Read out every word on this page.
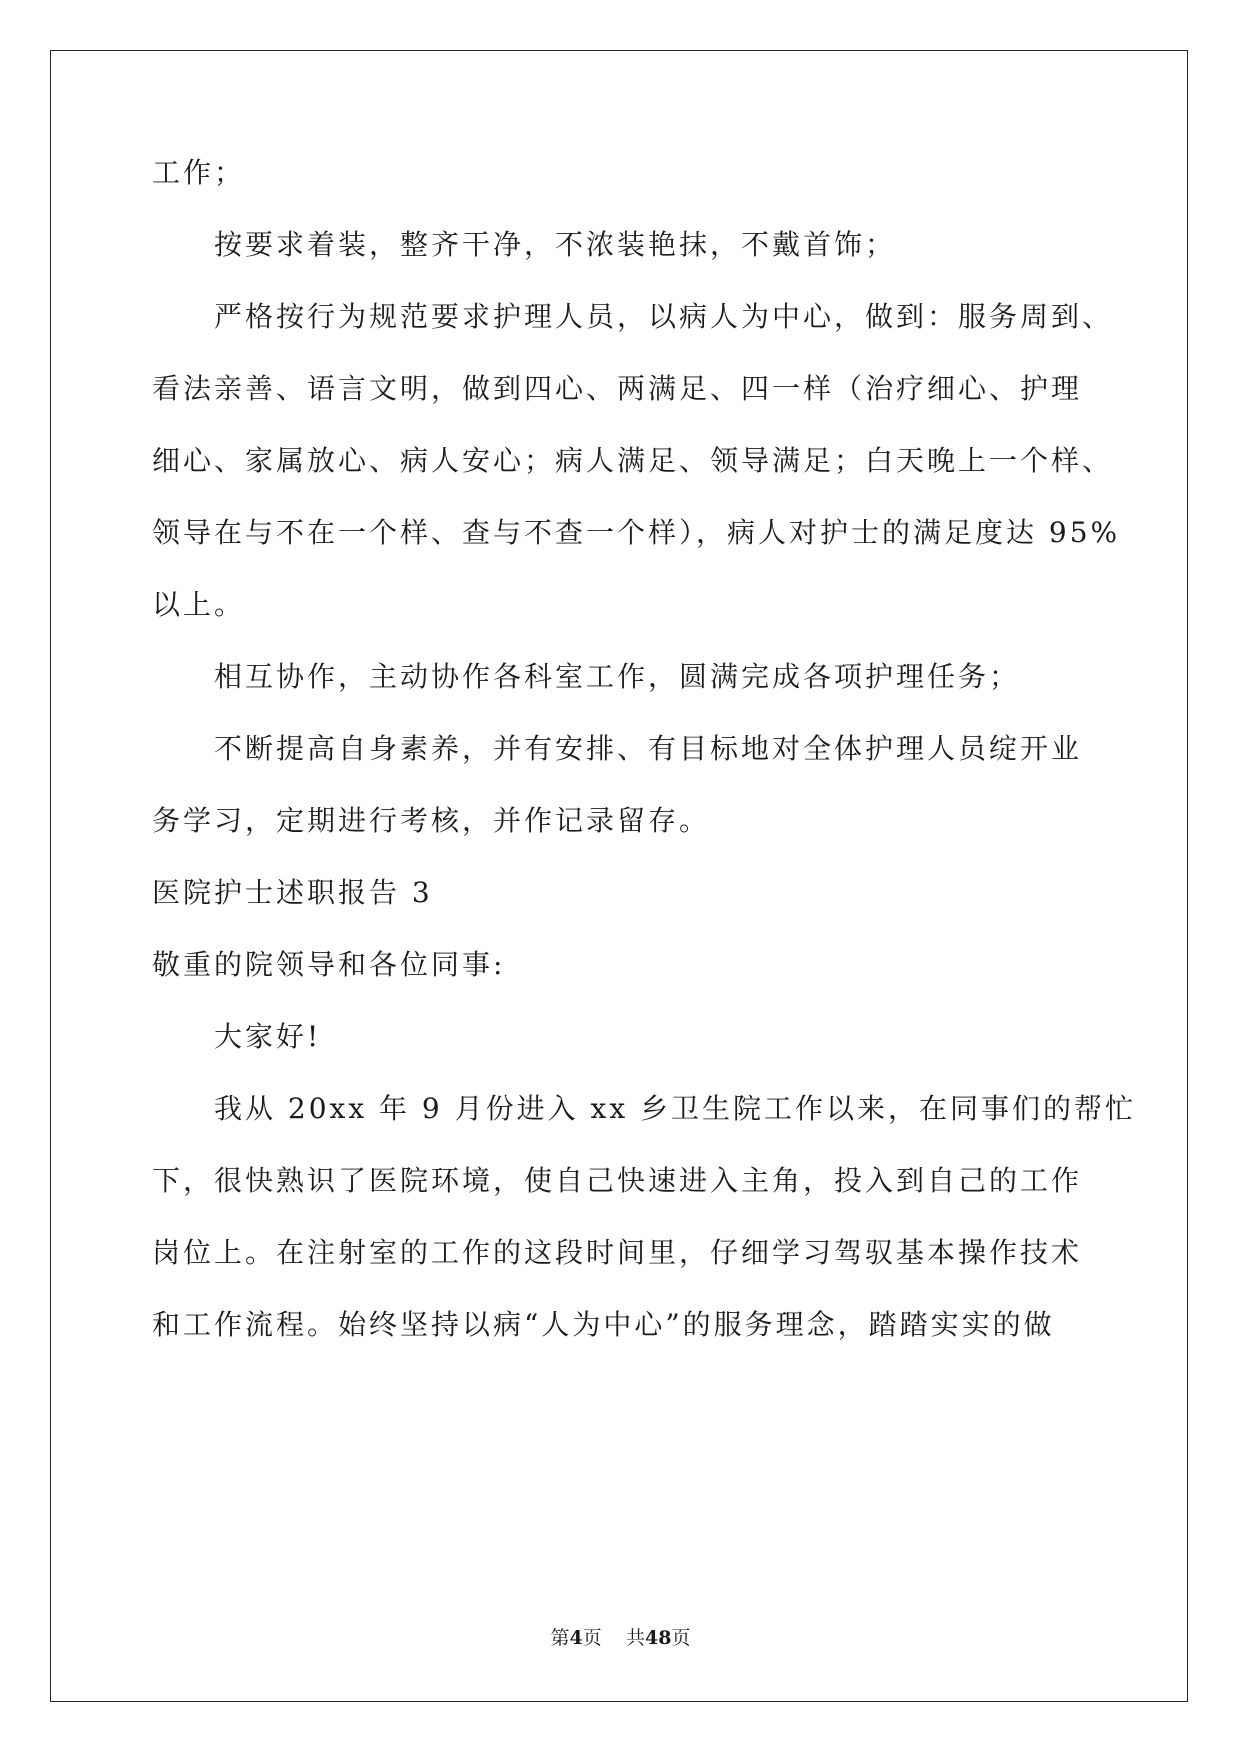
工作；
按要求着装，整齐干净，不浓装艳抹，不戴首饰；
严格按行为规范要求护理人员，以病人为中心，做到：服务周到、
看法亲善、语言文明，做到四心、两满足、四一样（治疗细心、护理
细心、家属放心、病人安心；病人满足、领导满足；白天晚上一个样、
领导在与不在一个样、查与不查一个样），病人对护士的满足度达 95%
以上。
相互协作，主动协作各科室工作，圆满完成各项护理任务；
不断提高自身素养，并有安排、有目标地对全体护理人员绽开业
务学习，定期进行考核，并作记录留存。
医院护士述职报告 3
敬重的院领导和各位同事:
大家好!
我从 20xx 年 9 月份进入 xx 乡卫生院工作以来，在同事们的帮忙
下，很快熟识了医院环境，使自己快速进入主角，投入到自己的工作
岗位上。在注射室的工作的这段时间里，仔细学习驾驭基本操作技术
和工作流程。始终坚持以病“人为中心”的服务理念，踏踏实实的做
第4页 共48页
